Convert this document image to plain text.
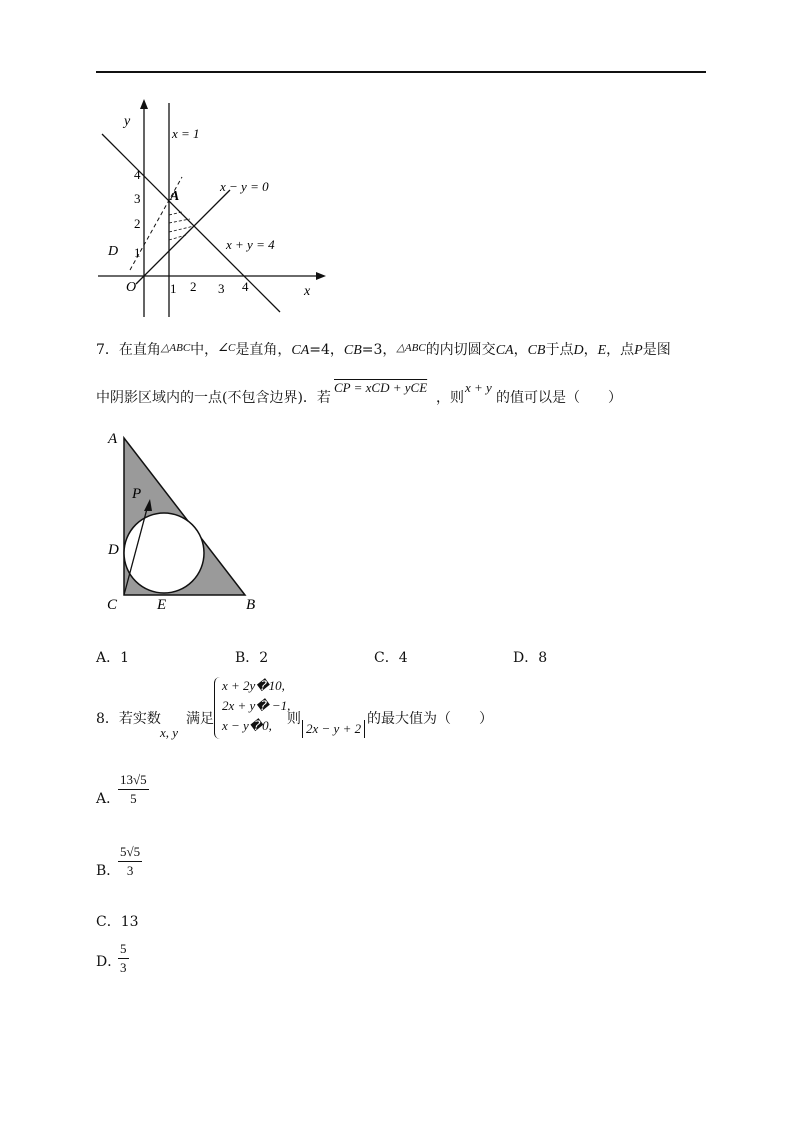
1 2 3 4
1
2
3
4
y
x
O
x = 1
x − y = 0
x + y = 4
A
D
7．在直角$^{\triangle ABC}$中，$^{\angle C}$是直角，CA=4，CB=3，$^{\triangle ABC}$的内切圆交CA，CB于点D，E，点P是图
中阴影区域内的一点(不包含边界)．若
CP = xCD + yCE
，则
x + y
的值可以是（　　）
A
P
D
C	E	B
A．1	B．2	C．4	D．8
8．若实数
x, y
满足
x + 2y�10,
2x + y� −1,
x − y�0,	则
2x − y + 2
的最大值为（　　）
A．
$\frac{13√5}{5}$
B．
$\frac{5√5}{3}$
C．13
D．
$\frac{5}{3}$
